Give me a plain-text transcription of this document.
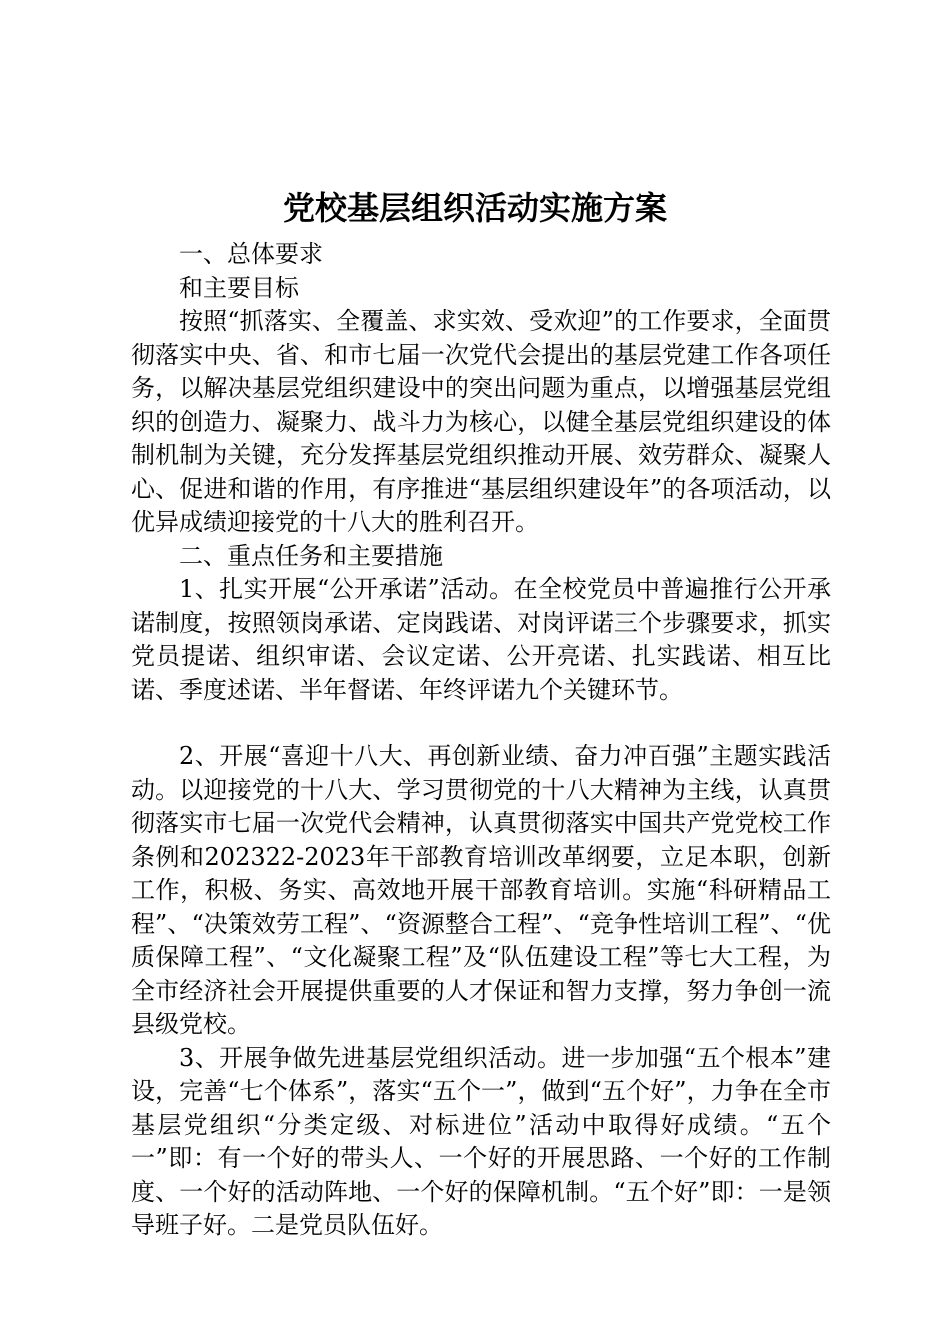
党校基层组织活动实施方案

一、总体要求

和主要目标

按照“抓落实、全覆盖、求实效、受欢迎”的工作要求，全面贯彻落实中央、省、和市七届一次党代会提出的基层党建工作各项任务，以解决基层党组织建设中的突出问题为重点，以增强基层党组织的创造力、凝聚力、战斗力为核心，以健全基层党组织建设的体制机制为关键，充分发挥基层党组织推动开展、效劳群众、凝聚人心、促进和谐的作用，有序推进“基层组织建设年”的各项活动，以优异成绩迎接党的十八大的胜利召开。

二、重点任务和主要措施

1、扎实开展“公开承诺”活动。在全校党员中普遍推行公开承诺制度，按照领岗承诺、定岗践诺、对岗评诺三个步骤要求，抓实党员提诺、组织审诺、会议定诺、公开亮诺、扎实践诺、相互比诺、季度述诺、半年督诺、年终评诺九个关键环节。

2、开展“喜迎十八大、再创新业绩、奋力冲百强”主题实践活动。以迎接党的十八大、学习贯彻党的十八大精神为主线，认真贯彻落实市七届一次党代会精神，认真贯彻落实中国共产党党校工作条例和202322-2023年干部教育培训改革纲要，立足本职，创新工作，积极、务实、高效地开展干部教育培训。实施“科研精品工程”、“决策效劳工程”、“资源整合工程”、“竞争性培训工程”、“优质保障工程”、“文化凝聚工程”及“队伍建设工程”等七大工程，为全市经济社会开展提供重要的人才保证和智力支撑，努力争创一流县级党校。

3、开展争做先进基层党组织活动。进一步加强“五个根本”建设，完善“七个体系”，落实“五个一”，做到“五个好”，力争在全市基层党组织“分类定级、对标进位”活动中取得好成绩。“五个一”即：有一个好的带头人、一个好的开展思路、一个好的工作制度、一个好的活动阵地、一个好的保障机制。“五个好”即：一是领导班子好。二是党员队伍好。
